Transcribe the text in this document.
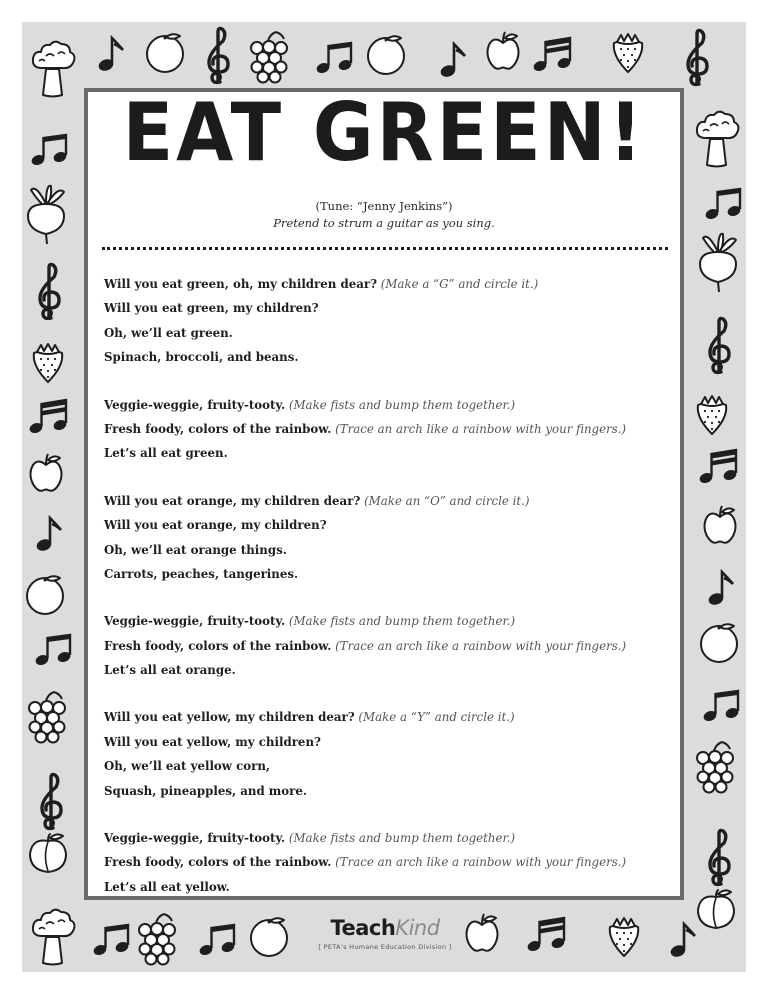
EAT GREEN!
(Tune: “Jenny Jenkins”)
Pretend to strum a guitar as you sing.
Will you eat green, oh, my children dear? (Make a “G” and circle it.)
Will you eat green, my children?
Oh, we’ll eat green.
Spinach, broccoli, and beans.
Veggie-weggie, fruity-tooty. (Make fists and bump them together.)
Fresh foody, colors of the rainbow. (Trace an arch like a rainbow with your fingers.)
Let’s all eat green.
Will you eat orange, my children dear? (Make an “O” and circle it.)
Will you eat orange, my children?
Oh, we’ll eat orange things.
Carrots, peaches, tangerines.
Veggie-weggie, fruity-tooty. (Make fists and bump them together.)
Fresh foody, colors of the rainbow. (Trace an arch like a rainbow with your fingers.)
Let’s all eat orange.
Will you eat yellow, my children dear? (Make a “Y” and circle it.)
Will you eat yellow, my children?
Oh, we’ll eat yellow corn,
Squash, pineapples, and more.
Veggie-weggie, fruity-tooty. (Make fists and bump them together.)
Fresh foody, colors of the rainbow. (Trace an arch like a rainbow with your fingers.)
Let’s all eat yellow.
TeachKind
[ PETA’s Humane Education Division ]
